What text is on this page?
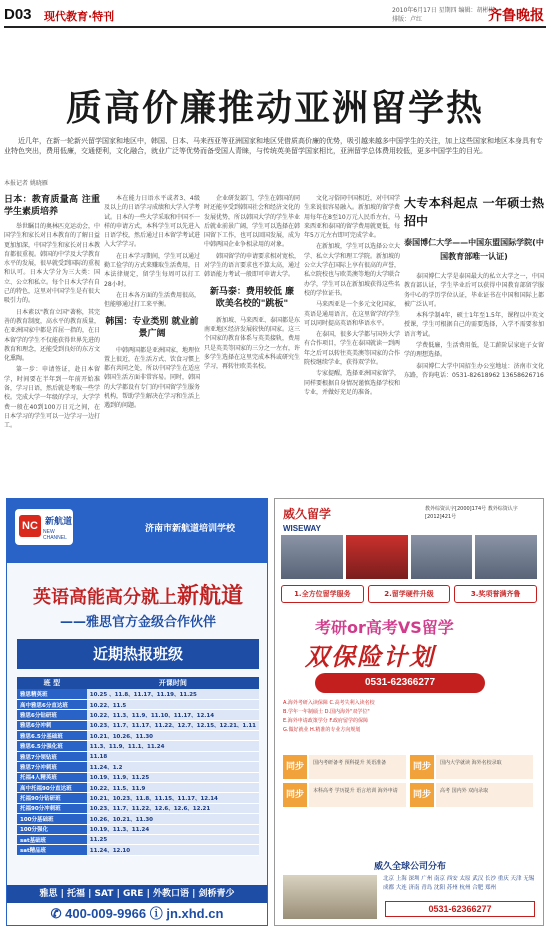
D03 现代教育·特刊	2010年6月17日 星期四 编辑：胡彬彬 排版：卢红	齐鲁晚报
质高价廉推动亚洲留学热

近几年，在新一轮新兴留学国家和地区中，韩国、日本、马来西亚等亚洲国家和地区凭借质高价廉的优势，吸引越来越多中国学生的关注，加上这些国家和地区本身具有专业特色突出，费用低廉，交通便利，文化融合，就业广泛等优势而备受国人青睐，与传统英美留学国家相比，亚洲留学总体费用较低，更多中国学生的目光。

本报记者 姚晓雁
日本：教育质量高 注重学生素质培养

举世瞩目的奥林匹克运动会，中国学生和家长对日本教育的了解日益更加加深，中国学生和家长对日本教育都很重视。韩国的中学及大学教育水平的发展，很早就受到国际的重视和认可。日本大学分为三大类：国立、公立和私立。每个日本大学有自己的特色，这里对中国学生是有很大吸引力的。

日本素以"教育立国"著称，其完善的教育制度，高水平的教育质量，在亚洲国家中都是首屈一指的，在日本留学的学生不仅能获得世界先进的教育和理念，还能受到良好的东方文化熏陶。

第一步：申请签证，赴日本留学，时间要在半年到一年前开始准备，学习日语，然后就是考取一些学校。完成大学一年级的学习，大学学费一般在40到100万日元之间，在日本学习的学生可以一边学习一边打工。

本在能力日语水平或者3、4级及以上的日语学习成绩和大学入学考试。日本的一些大学采取和中国不一样的申请方式，本科学生可以先进入日语学校，然后通过日本留学考试进入大学学习。

在日本学习期间，学生可以通过勤工俭学的方式来赚取生活费用，日本法律规定，留学生每周可以打工28小时。

在日本各方面的生活费用很高，但能够通过打工来平衡。

韩国：专业类别 就业前景广阔

中韩两国都是亚洲国家，地理位置上很近，在生活方式、饮食习惯上都有共同之处，所以中国学生在适应韩国生活方面非常容易。同时，韩国的大学都设有专门的中国留学生服务机构，帮助学生解决在学习和生活上遇到的问题。

企业研发部门，学生在韩国的同时还能享受到韩国社会和经济文化的发展优势，所以韩国大学的学生毕业后就业前景广阔，学生可以选择在韩国留下工作，也可以回国发展，成为中韩两国企业争相录用的对象。

韩国留学的申请要求相对宽松，对学生的语言要求也不算太高，通过韩语能力考试一般即可申请大学。

新马泰：费用较低 廉 欧美名校的"跳板"

新加坡、马来西亚、泰国都是东南亚地区经济发展较快的国家。这三个国家的教育体系与英美接轨，费用只是英美等国家的三分之一左右，许多学生选择在这里完成本科或研究生学习，再转往欧美名校。

文化习俗同中国相近，对中国学生来说很容易融入。新加坡的留学费用每年在8至10万元人民币左右，马来西亚和泰国的留学费用就更低，每年5万元左右即可完成学业。

在新加坡，学生可以选择公立大学、私立大学和理工学院。新加坡的公立大学在国际上享有很高的声誉，私立院校也与欧美澳等地的大学联合办学，学生可以在新加坡获得这些名校的学位证书。

马来西亚是一个多元文化国家，英语是通用语言，在这里留学的学生可以同时提高英语和华语水平。

在泰国，很多大学都与国外大学有合作项目，学生在泰国就读一到两年之后可以转往英美澳等国家的合作院校继续学业，获得双学位。

专家提醒，选择亚洲国家留学，同样要根据自身情况谨慎选择学校和专业，并做好充足的准备。

大专本科起点 一年硕士热招中
泰国博仁大学——中国东盟国际学院(中国教育部唯一认证)

泰国博仁大学是泰国最大的私立大学之一，中国教育部认证，学生毕业后可以获得中国教育部留学服务中心的学历学位认证，毕业证书在中国和国际上都被广泛认可。

本科学制4年，硕士1年至1.5年，课程以中英文授课，学生可根据自己的需要选择，入学不需要参加语言考试。

学费低廉，生活费用低，是工薪阶层家庭子女留学的理想选择。

泰国博仁大学中国招生办公室地址：济南市文化东路，咨询电话：0531-82618962 13658626716

NC 新航道
NEW CHANNEL
济南市新航道培训学校
英语高能高分就上新航道
——雅思官方金级合作伙伴
近期热报班级
班 型	开课时间
雅思精英班	10.25 、11.8、11.17、11.19、11.25
高中雅思6分直达班	10.22、11.5
雅思6分钻研班	10.22、11.3、11.9、11.10、11.17、12.14
雅思6分冲刺	10.23、11.7、11.17、11.22、12.7、12.15、12.21、1.11
雅思6.5分基础班	10.21、10.26、11.30
雅思6.5分强化班	11.3、11.9、11.1、11.24
雅思7分领钻班	11.18
雅思7分冲刺班	11.24、1.2
托福4人精英班	10.19、11.9、11.25
高中托福90分直达班	10.22、11.5、11.9
托福90分钻研班	10.21、10.23、11.8、11.15、11.17、12.14
托福90分冲刺班	10.23、11.7、11.22、12.6、12.6、12.21
100分基础班	10.26、10.21、11.30
100分强化	10.19、11.3、11.24
sat基础班	11.25
sat精品班	11.24、12.10
雅思 | 托福 | SAT | GRE | 外教口语 | 剑桥青少
✆ 400-009-9966 ⓘ jn.xhd.cn
威久留学
WISEWAY
教外综资认字[2000]174号 教外综资认字[2012]421号
1.全方位留学服务	2.留学硬件升级	3.奖项誉满齐鲁
考研or高考VS留学
双保险计划
0531-62366277
A.海外考研入读保障 C.高考失利入读名校
B.学年一年制硕士 D.国内海外"双学位"
E.海外申请政策学分 F.政府留学的保障
G.做好就业 H.精准的专业方向规划
同步	国内考研备考 预科提升 英语准备	同步	国内大学就读 海外名校录取
同步	本科高考 学历提升 语言培训 海外申请	同步	高考 国内外 双向录取
威久全球公司分布
北京 上海 深圳 广州 南京 西安 太原 武汉 长沙 重庆 天津 无锡 成都 大连 济南 青岛 沈阳 苏州 杭州 合肥 郑州
0531-62366277
